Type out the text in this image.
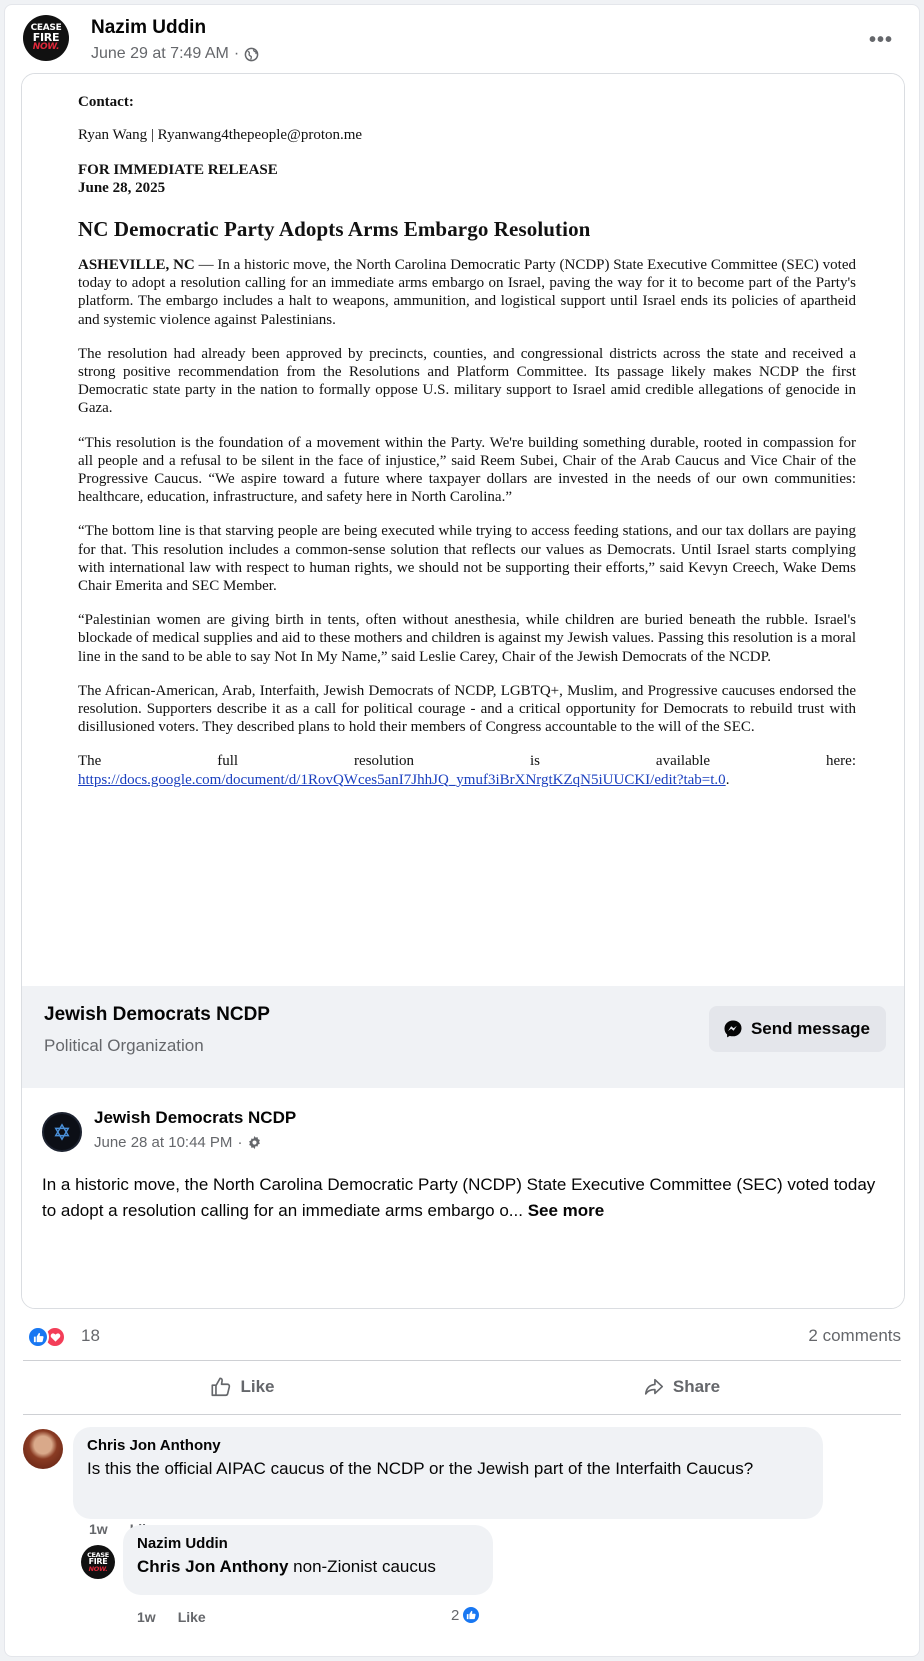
CEASE
FIRE
NOW.
Nazim Uddin
June 29 at 7:49 AM ·
•••
Contact:
Ryan Wang | Ryanwang4thepeople@proton.me
FOR IMMEDIATE RELEASE
June 28, 2025
NC Democratic Party Adopts Arms Embargo Resolution

ASHEVILLE, NC — In a historic move, the North Carolina Democratic Party (NCDP) State Executive Committee (SEC) voted today to adopt a resolution calling for an immediate arms embargo on Israel, paving the way for it to become part of the Party's platform. The embargo includes a halt to weapons, ammunition, and logistical support until Israel ends its policies of apartheid and systemic violence against Palestinians.

The resolution had already been approved by precincts, counties, and congressional districts across the state and received a strong positive recommendation from the Resolutions and Platform Committee. Its passage likely makes NCDP the first Democratic state party in the nation to formally oppose U.S. military support to Israel amid credible allegations of genocide in Gaza.

“This resolution is the foundation of a movement within the Party. We're building something durable, rooted in compassion for all people and a refusal to be silent in the face of injustice,” said Reem Subei, Chair of the Arab Caucus and Vice Chair of the Progressive Caucus. “We aspire toward a future where taxpayer dollars are invested in the needs of our own communities: healthcare, education, infrastructure, and safety here in North Carolina.”

“The bottom line is that starving people are being executed while trying to access feeding stations, and our tax dollars are paying for that. This resolution includes a common-sense solution that reflects our values as Democrats. Until Israel starts complying with international law with respect to human rights, we should not be supporting their efforts,” said Kevyn Creech, Wake Dems Chair Emerita and SEC Member.

“Palestinian women are giving birth in tents, often without anesthesia, while children are buried beneath the rubble. Israel's blockade of medical supplies and aid to these mothers and children is against my Jewish values. Passing this resolution is a moral line in the sand to be able to say Not In My Name,” said Leslie Carey, Chair of the Jewish Democrats of the NCDP.

The African-American, Arab, Interfaith, Jewish Democrats of NCDP, LGBTQ+, Muslim, and Progressive caucuses endorsed the resolution. Supporters describe it as a call for political courage - and a critical opportunity for Democrats to rebuild trust with disillusioned voters. They described plans to hold their members of Congress accountable to the will of the SEC.

The full resolution is available here:

https://docs.google.com/document/d/1RovQWces5anI7JhhJQ_ymuf3iBrXNrgtKZqN5iUUCKI/edit?tab=t.0.

Jewish Democrats NCDP
Political Organization
Send message
Jewish Democrats NCDP
June 28 at 10:44 PM ·
In a historic move, the North Carolina Democratic Party (NCDP) State Executive Committee (SEC) voted today to adopt a resolution calling for an immediate arms embargo o... See more
18	2 comments
Like	Share
Chris Jon Anthony
Is this the official AIPAC caucus of the NCDP or the Jewish part of the Interfaith Caucus?
1w
CEASE
FIRE
NOW.
Nazim Uddin
Chris Jon Anthony non-Zionist caucus
1w Like	2
